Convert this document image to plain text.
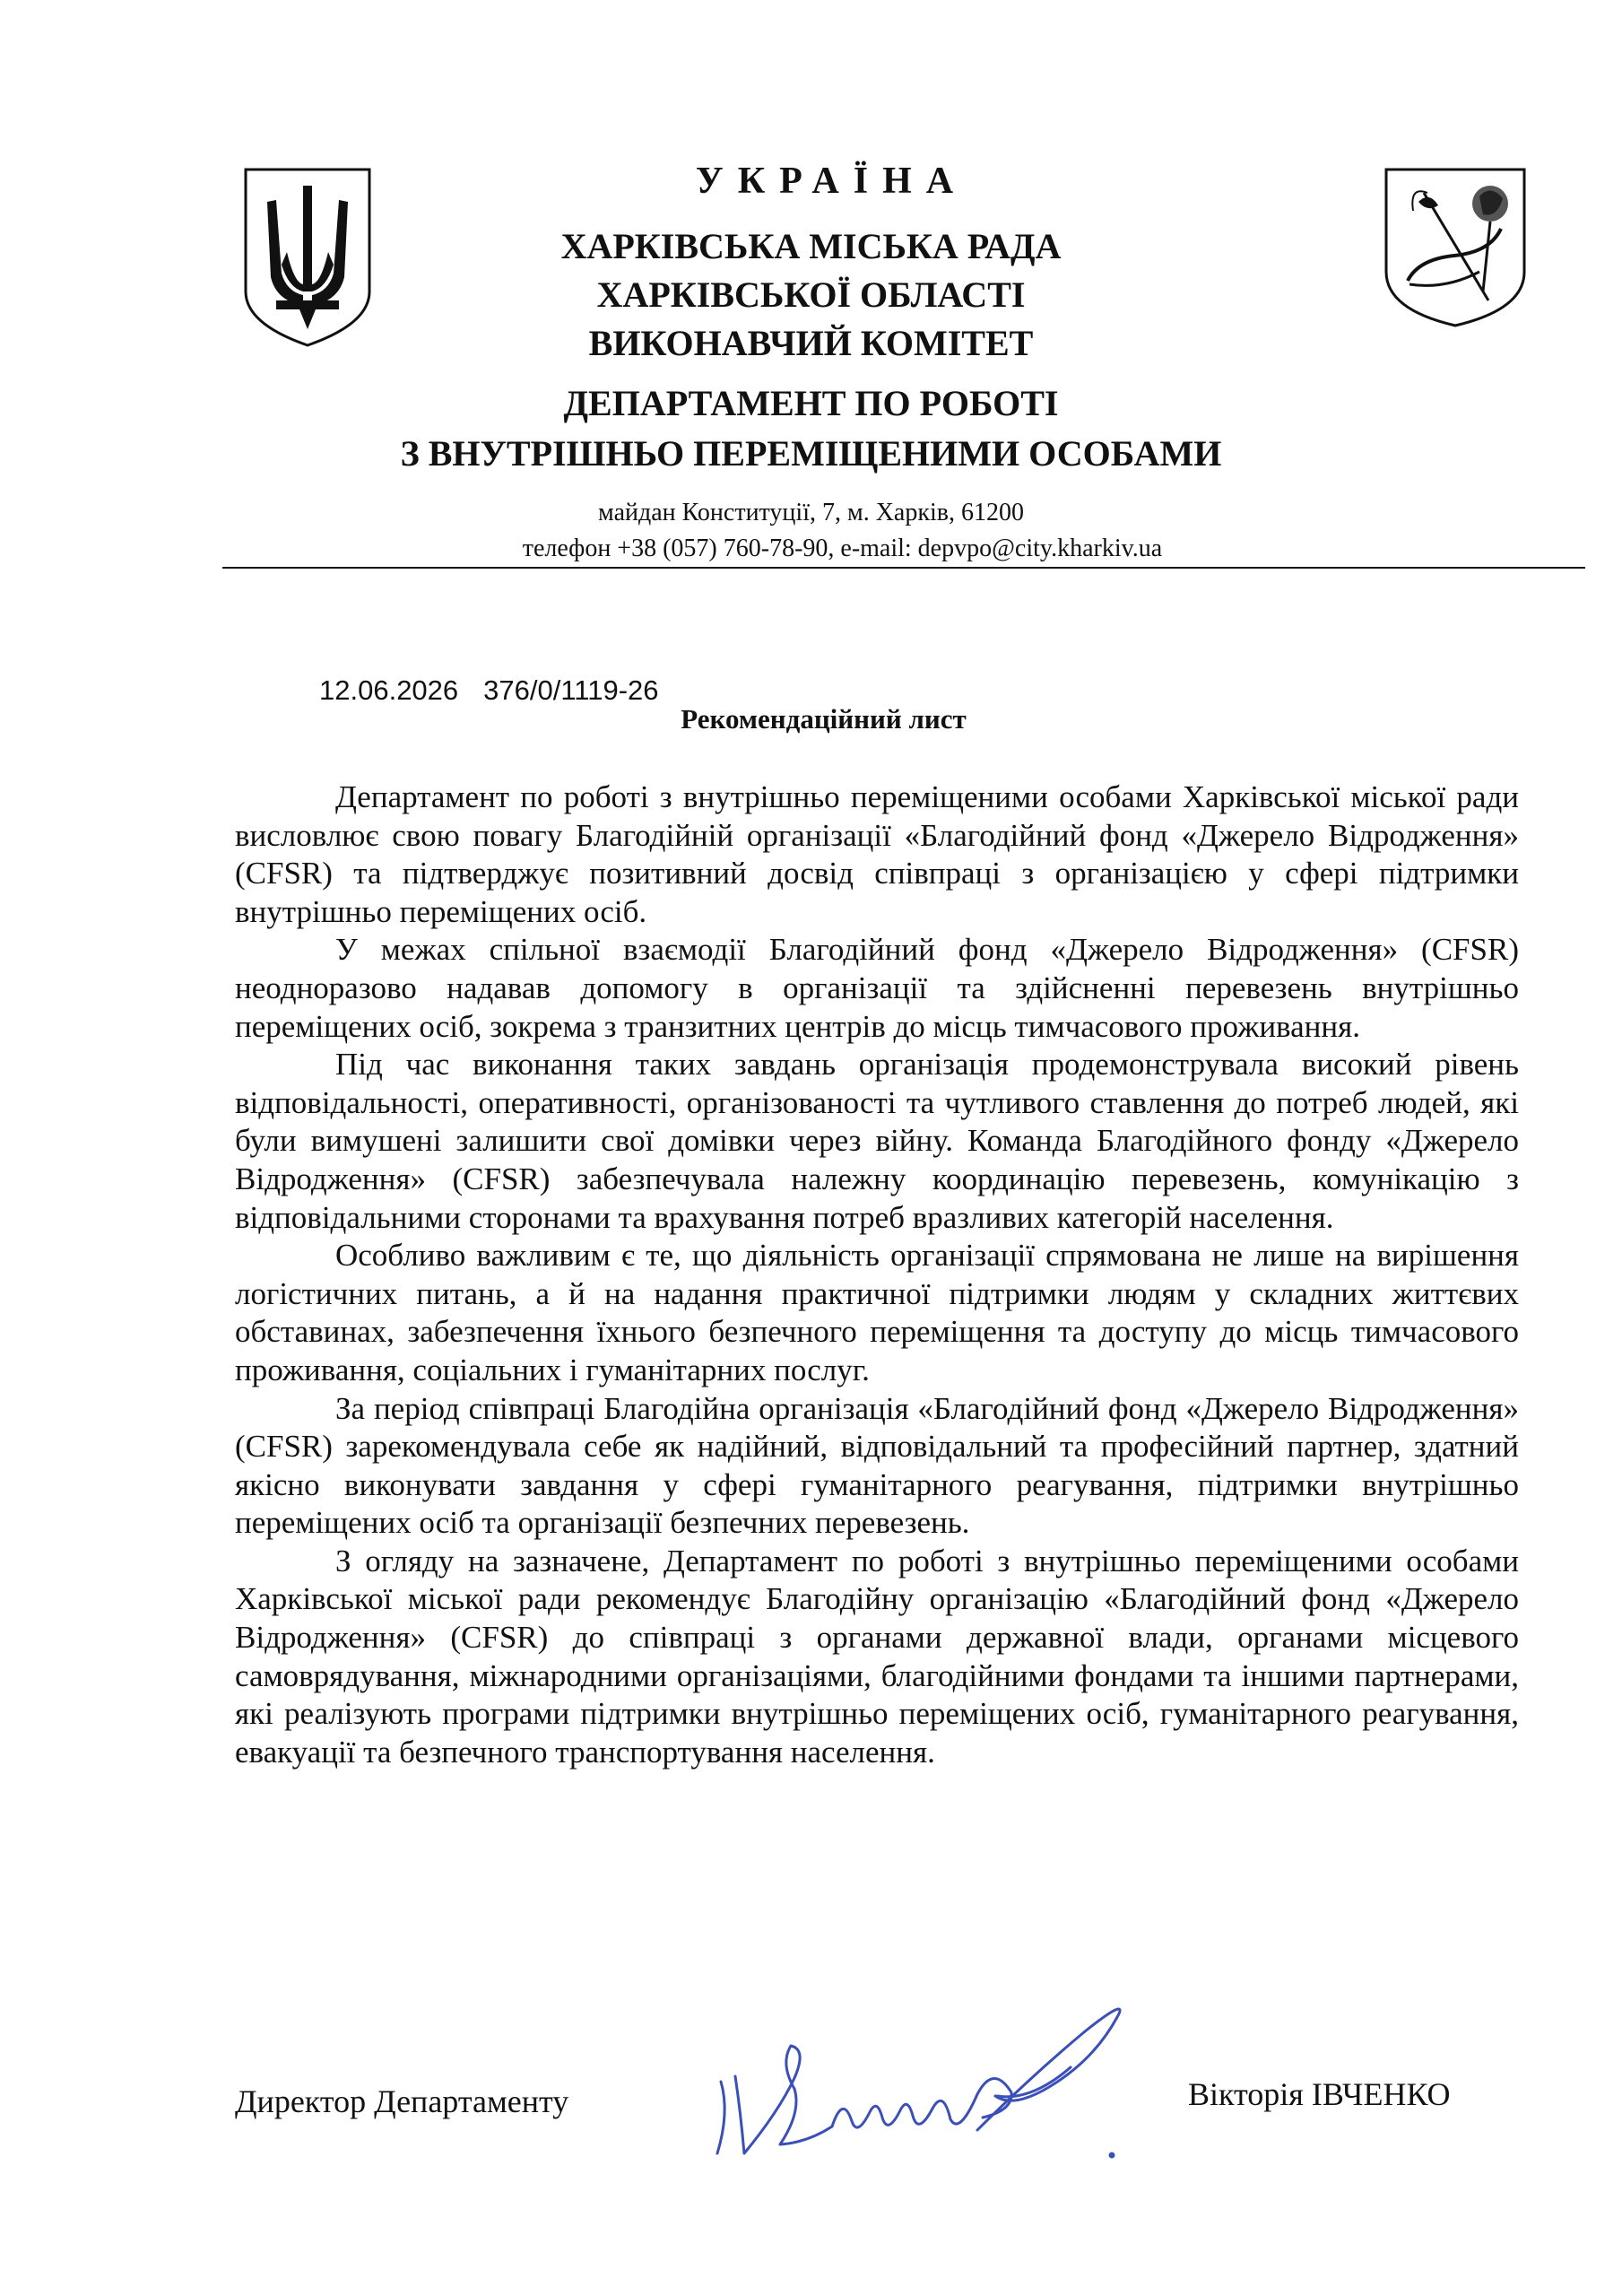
УКРАЇНА
ХАРКІВСЬКА МІСЬКА РАДА
ХАРКІВСЬКОЇ ОБЛАСТІ
ВИКОНАВЧИЙ КОМІТЕТ
ДЕПАРТАМЕНТ ПО РОБОТІ
З ВНУТРІШНЬО ПЕРЕМІЩЕНИМИ ОСОБАМИ
майдан Конституції, 7, м. Харків, 61200
телефон +38 (057) 760-78-90, e-mail: depvpo@city.kharkiv.ua
12.06.2026 376/0/1119-26
Рекомендаційний лист

Департамент по роботі з внутрішньо переміщеними особами Харківської міської ради висловлює свою повагу Благодійній організації «Благодійний фонд «Джерело Відродження» (CFSR) та підтверджує позитивний досвід співпраці з організацією у сфері підтримки внутрішньо переміщених осіб.

У межах спільної взаємодії Благодійний фонд «Джерело Відродження» (CFSR) неодноразово надавав допомогу в організації та здійсненні перевезень внутрішньо переміщених осіб, зокрема з транзитних центрів до місць тимчасового проживання.

Під час виконання таких завдань організація продемонструвала високий рівень відповідальності, оперативності, організованості та чутливого ставлення до потреб людей, які були вимушені залишити свої домівки через війну. Команда Благодійного фонду «Джерело Відродження» (CFSR) забезпечувала належну координацію перевезень, комунікацію з відповідальними сторонами та врахування потреб вразливих категорій населення.

Особливо важливим є те, що діяльність організації спрямована не лише на вирішення логістичних питань, а й на надання практичної підтримки людям у складних життєвих обставинах, забезпечення їхнього безпечного переміщення та доступу до місць тимчасового проживання, соціальних і гуманітарних послуг.

За період співпраці Благодійна організація «Благодійний фонд «Джерело Відродження» (CFSR) зарекомендувала себе як надійний, відповідальний та професійний партнер, здатний якісно виконувати завдання у сфері гуманітарного реагування, підтримки внутрішньо переміщених осіб та організації безпечних перевезень.

З огляду на зазначене, Департамент по роботі з внутрішньо переміщеними особами Харківської міської ради рекомендує Благодійну організацію «Благодійний фонд «Джерело Відродження» (CFSR) до співпраці з органами державної влади, органами місцевого самоврядування, міжнародними організаціями, благодійними фондами та іншими партнерами, які реалізують програми підтримки внутрішньо переміщених осіб, гуманітарного реагування, евакуації та безпечного транспортування населення.

Директор Департаменту	Вікторія ІВЧЕНКО
